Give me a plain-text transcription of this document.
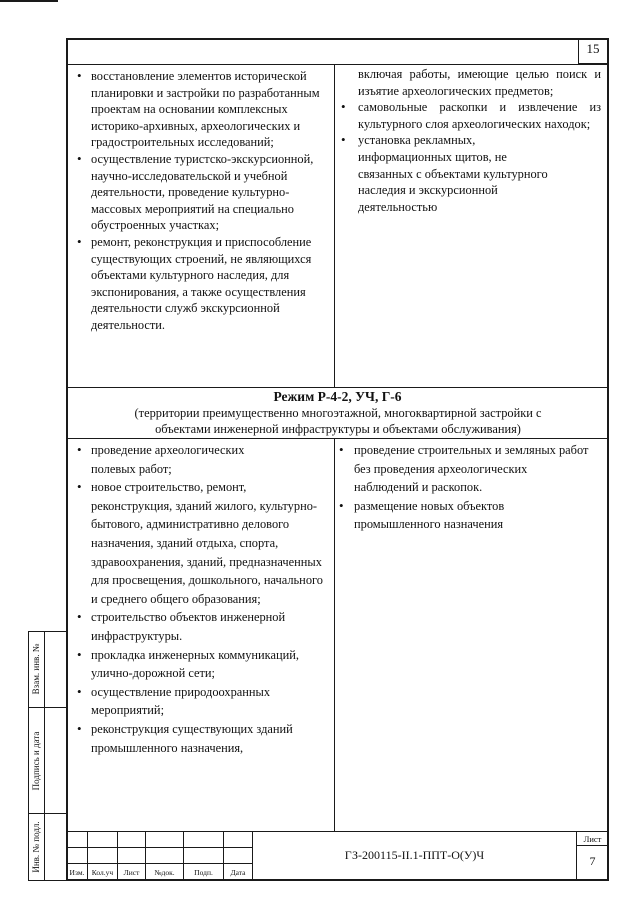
15
• восстановление элементов исторической планировки и застройки по разработанным проектам на основании комплексных историко-архивных, археологических и градостроительных исследований;
• осуществление туристско-экскурсионной, научно-исследовательской и учебной деятельности, проведение культурно-массовых мероприятий на специально обустроенных участках;
• ремонт, реконструкция и приспособление существующих строений, не являющихся объектами культурного наследия, для экспонирования, а также осуществления деятельности служб экскурсионной деятельности.
включая работы, имеющие целью поиск и изъятие археологических предметов;
• самовольные раскопки и извлечение из культурного слоя археологических находок;
• установка рекламных, информационных щитов, не связанных с объектами культурного наследия и экскурсионной деятельностью
Режим Р-4-2, УЧ, Г-6
(территории преимущественно многоэтажной, многоквартирной застройки с объектами инженерной инфраструктуры и объектами обслуживания)
• проведение археологических полевых работ;
• новое строительство, ремонт, реконструкция, зданий жилого, культурно-бытового, административно делового назначения, зданий отдыха, спорта, здравоохранения, зданий, предназначенных для просвещения, дошкольного, начального и среднего общего образования;
• строительство объектов инженерной инфраструктуры.
• прокладка инженерных коммуникаций, улично-дорожной сети;
• осуществление природоохранных мероприятий;
• реконструкция существующих зданий промышленного назначения,
• проведение строительных и земляных работ без проведения археологических наблюдений и раскопок.
• размещение новых объектов промышленного назначения
Взам. инв. №
Подпись и дата
Инв. № подл.	Изм. Кол.уч	Лист	№док.	Подп.	Дата
ГЗ-200115-II.1-ППТ-О(У)Ч
Лист
7
